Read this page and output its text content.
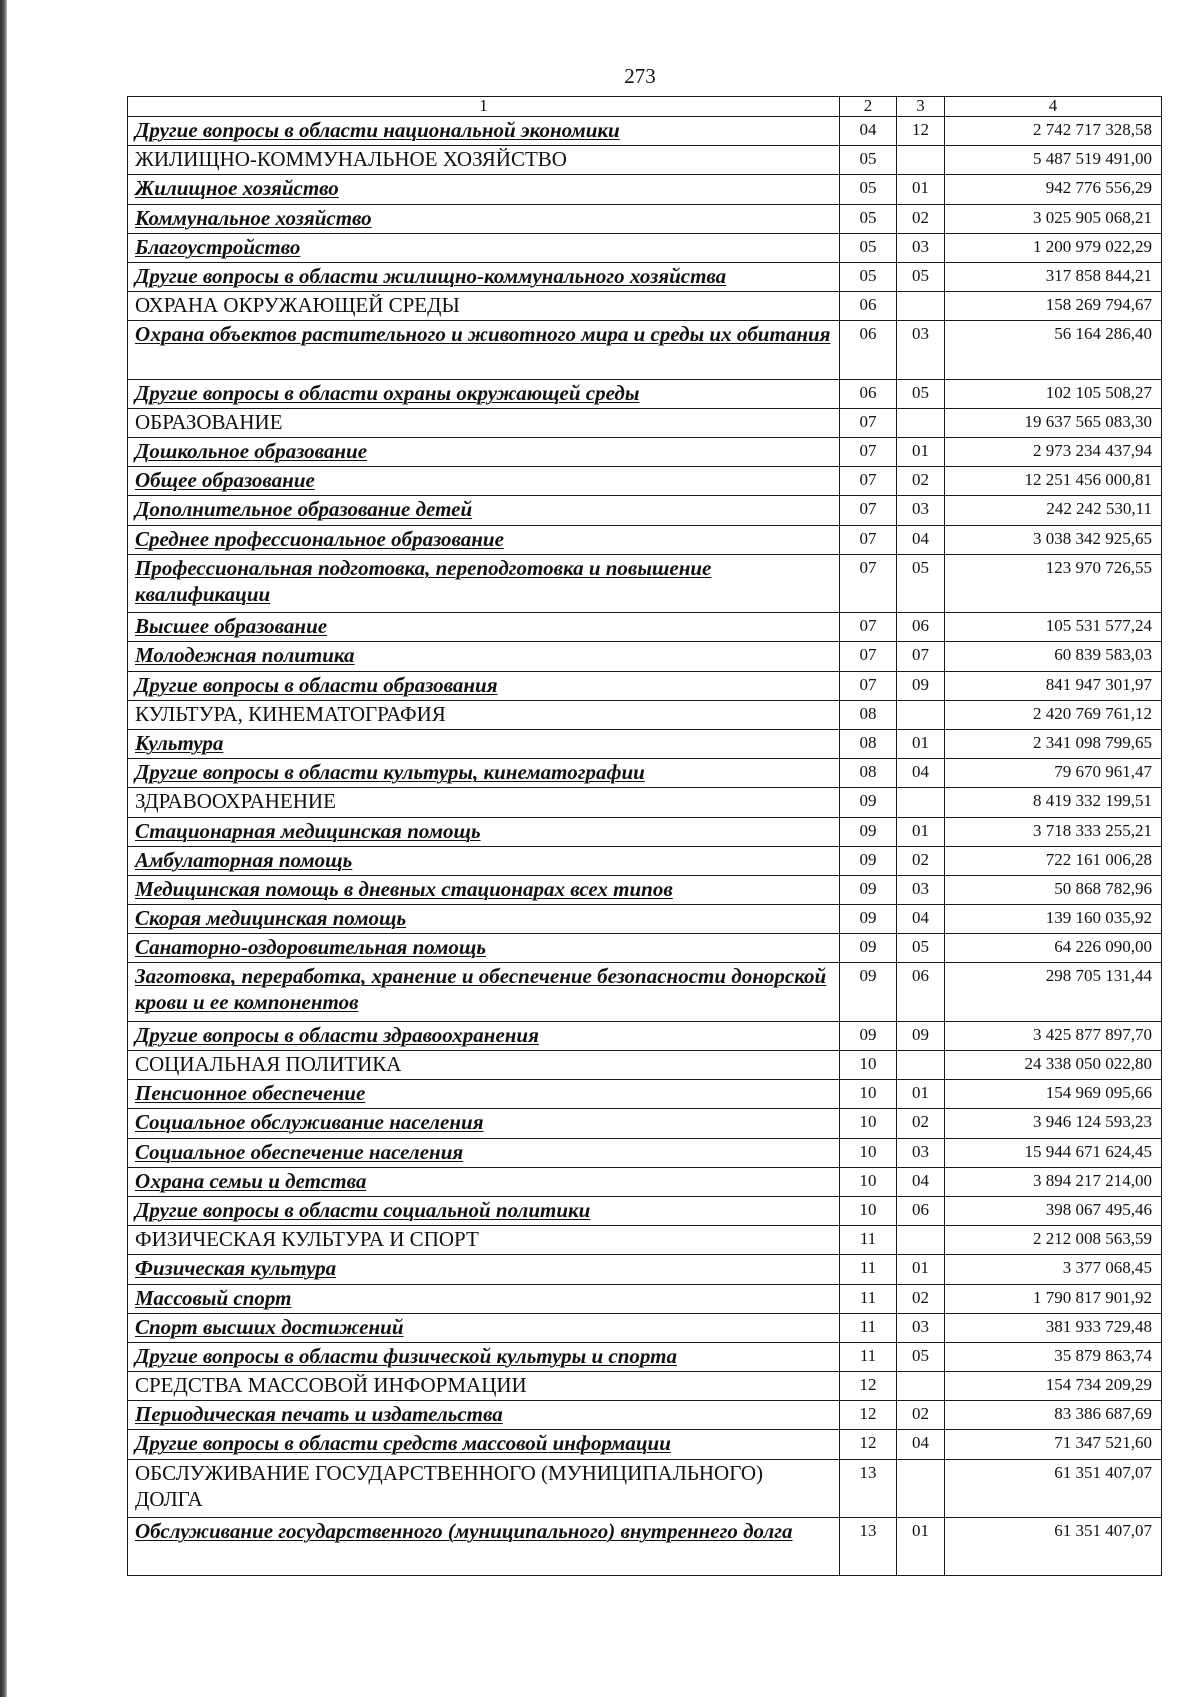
273
1	2	3	4
Другие вопросы в области национальной экономики	04	12	2 742 717 328,58
ЖИЛИЩНО-КОММУНАЛЬНОЕ ХОЗЯЙСТВО	05		5 487 519 491,00
Жилищное хозяйство	05	01	942 776 556,29
Коммунальное хозяйство	05	02	3 025 905 068,21
Благоустройство	05	03	1 200 979 022,29
Другие вопросы в области жилищно-коммунального хозяйства	05	05	317 858 844,21
ОХРАНА ОКРУЖАЮЩЕЙ СРЕДЫ	06		158 269 794,67
Охрана объектов растительного и животного мира и среды их обитания	06	03	56 164 286,40
Другие вопросы в области охраны окружающей среды	06	05	102 105 508,27
ОБРАЗОВАНИЕ	07		19 637 565 083,30
Дошкольное образование	07	01	2 973 234 437,94
Общее образование	07	02	12 251 456 000,81
Дополнительное образование детей	07	03	242 242 530,11
Среднее профессиональное образование	07	04	3 038 342 925,65
Профессиональная подготовка, переподготовка и повышение квалификации	07	05	123 970 726,55
Высшее образование	07	06	105 531 577,24
Молодежная политика	07	07	60 839 583,03
Другие вопросы в области образования	07	09	841 947 301,97
КУЛЬТУРА, КИНЕМАТОГРАФИЯ	08		2 420 769 761,12
Культура	08	01	2 341 098 799,65
Другие вопросы в области культуры, кинематографии	08	04	79 670 961,47
ЗДРАВООХРАНЕНИЕ	09		8 419 332 199,51
Стационарная медицинская помощь	09	01	3 718 333 255,21
Амбулаторная помощь	09	02	722 161 006,28
Медицинская помощь в дневных стационарах всех типов	09	03	50 868 782,96
Скорая медицинская помощь	09	04	139 160 035,92
Санаторно-оздоровительная помощь	09	05	64 226 090,00
Заготовка, переработка, хранение и обеспечение безопасности донорской крови и ее компонентов	09	06	298 705 131,44
Другие вопросы в области здравоохранения	09	09	3 425 877 897,70
СОЦИАЛЬНАЯ ПОЛИТИКА	10		24 338 050 022,80
Пенсионное обеспечение	10	01	154 969 095,66
Социальное обслуживание населения	10	02	3 946 124 593,23
Социальное обеспечение населения	10	03	15 944 671 624,45
Охрана семьи и детства	10	04	3 894 217 214,00
Другие вопросы в области социальной политики	10	06	398 067 495,46
ФИЗИЧЕСКАЯ КУЛЬТУРА И СПОРТ	11		2 212 008 563,59
Физическая культура	11	01	3 377 068,45
Массовый спорт	11	02	1 790 817 901,92
Спорт высших достижений	11	03	381 933 729,48
Другие вопросы в области физической культуры и спорта	11	05	35 879 863,74
СРЕДСТВА МАССОВОЙ ИНФОРМАЦИИ	12		154 734 209,29
Периодическая печать и издательства	12	02	83 386 687,69
Другие вопросы в области средств массовой информации	12	04	71 347 521,60
ОБСЛУЖИВАНИЕ ГОСУДАРСТВЕННОГО (МУНИЦИПАЛЬНОГО) ДОЛГА	13		61 351 407,07
Обслуживание государственного (муниципального) внутреннего долга	13	01	61 351 407,07
